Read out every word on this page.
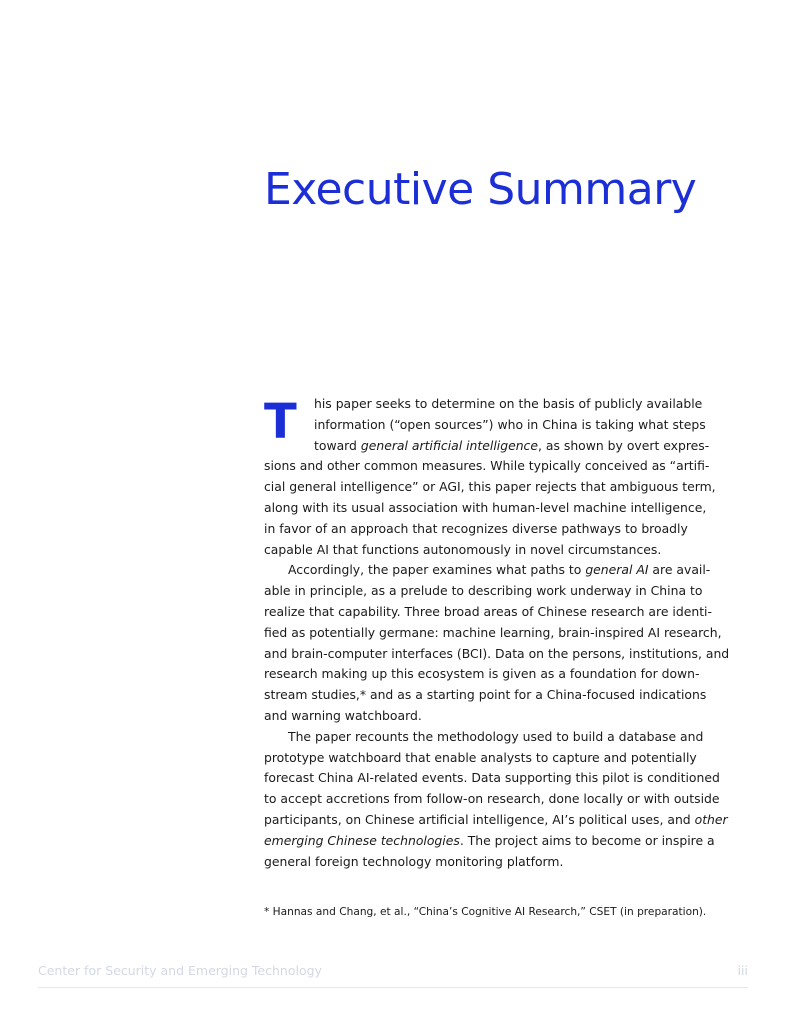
Executive Summary

T	his paper seeks to determine on the basis of publicly available
information (“open sources”) who in China is taking what steps
toward general artificial intelligence, as shown by overt expres-
sions and other common measures. While typically conceived as “artifi-
cial general intelligence” or AGI, this paper rejects that ambiguous term,
along with its usual association with human-level machine intelligence,
in favor of an approach that recognizes diverse pathways to broadly
capable AI that functions autonomously in novel circumstances.

Accordingly, the paper examines what paths to general AI are avail-
able in principle, as a prelude to describing work underway in China to
realize that capability. Three broad areas of Chinese research are identi-
fied as potentially germane: machine learning, brain-inspired AI research,
and brain-computer interfaces (BCI). Data on the persons, institutions, and
research making up this ecosystem is given as a foundation for down-
stream studies,* and as a starting point for a China-focused indications
and warning watchboard.

The paper recounts the methodology used to build a database and
prototype watchboard that enable analysts to capture and potentially
forecast China AI-related events. Data supporting this pilot is conditioned
to accept accretions from follow-on research, done locally or with outside
participants, on Chinese artificial intelligence, AI’s political uses, and other
emerging Chinese technologies. The project aims to become or inspire a
general foreign technology monitoring platform.

* Hannas and Chang, et al., “China’s Cognitive AI Research,” CSET (in preparation).

Center for Security and Emerging Technology	iii
